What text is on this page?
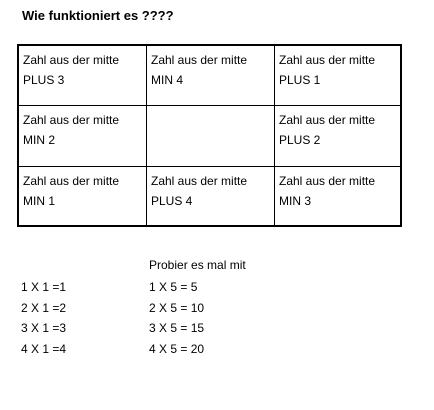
Wie funktioniert es ????
Zahl aus der mitte
PLUS 3
Zahl aus der mitte
MIN 4
Zahl aus der mitte
PLUS 1
Zahl aus der mitte
MIN 2
Zahl aus der mitte
PLUS 2
Zahl aus der mitte
MIN 1
Zahl aus der mitte
PLUS 4
Zahl aus der mitte
MIN 3
Probier es mal mit
1 X 1 =1
2 X 1 =2
3 X 1 =3
4 X 1 =4
1 X 5 = 5
2 X 5 = 10
3 X 5 = 15
4 X 5 = 20
